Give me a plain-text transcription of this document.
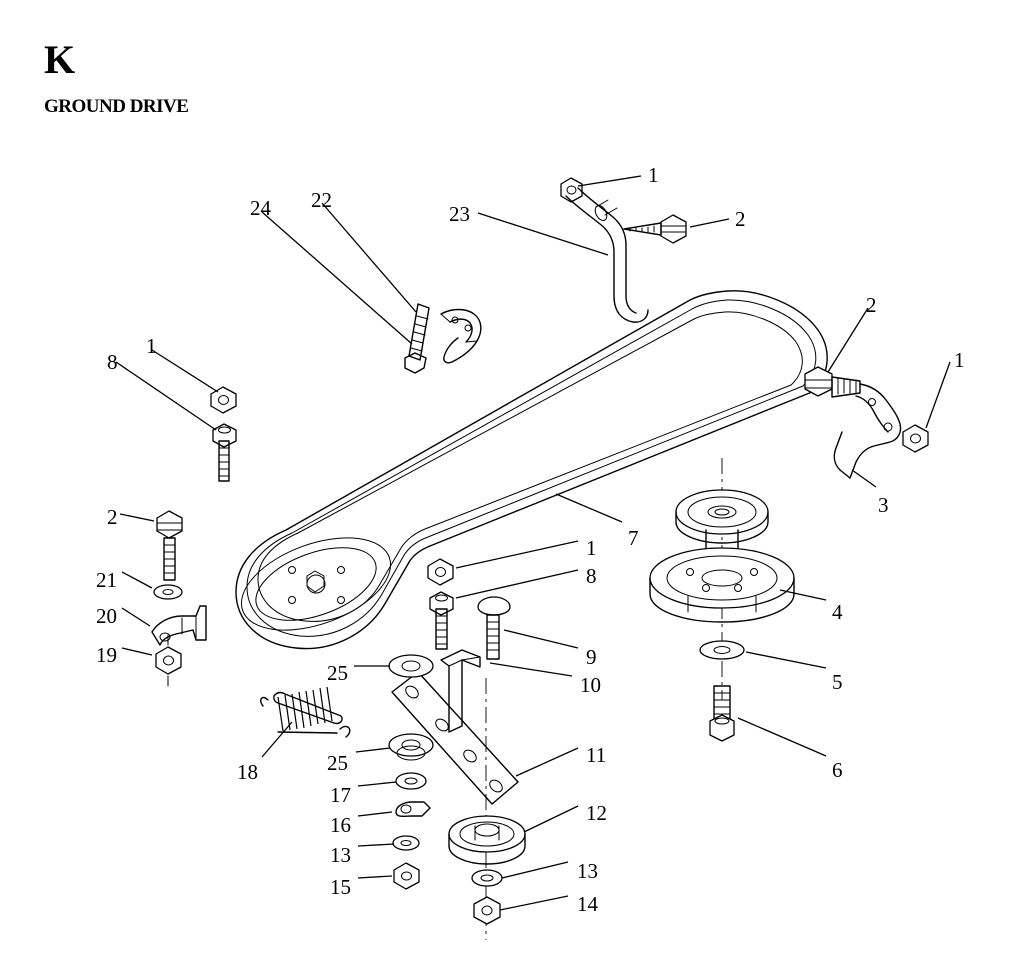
K
GROUND DRIVE
1
2
23
22
24
2
1
3
1
8
2
21
20
19
7
1
8
9
10
4
5
6
25
18	25
17
16
13
15
11
12
13
14
